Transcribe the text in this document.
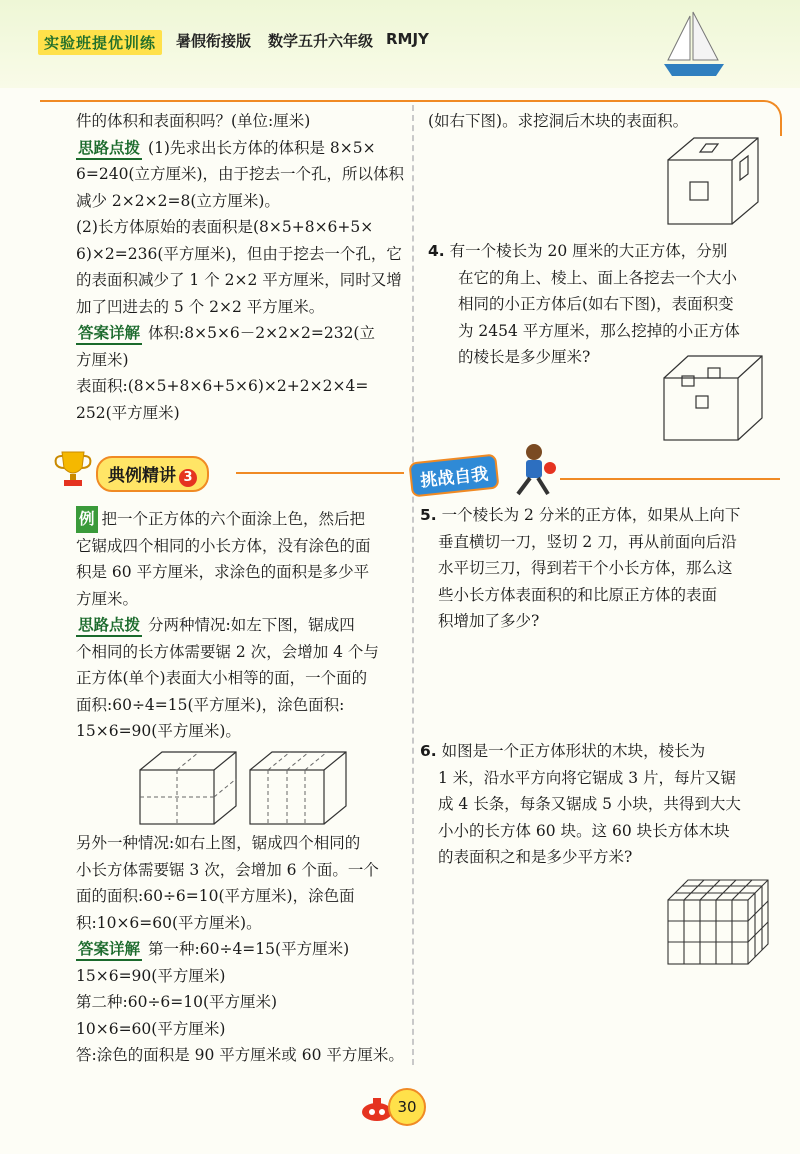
实验班提优训练	暑假衔接版 数学五升六年级 RMJY
件的体积和表面积吗？(单位:厘米)
思路点拨 (1)先求出长方体的体积是 8×5×
6=240(立方厘米)，由于挖去一个孔，所以体积
减少 2×2×2=8(立方厘米)。
(2)长方体原始的表面积是(8×5+8×6+5×
6)×2=236(平方厘米)，但由于挖去一个孔，它
的表面积减少了 1 个 2×2 平方厘米，同时又增
加了凹进去的 5 个 2×2 平方厘米。
答案详解 体积:8×5×6－2×2×2=232(立
方厘米)
表面积:(8×5+8×6+5×6)×2+2×2×4=
252(平方厘米)
典例精讲 3
例 把一个正方体的六个面涂上色，然后把
它锯成四个相同的小长方体，没有涂色的面
积是 60 平方厘米，求涂色的面积是多少平
方厘米。
思路点拨 分两种情况:如左下图，锯成四
个相同的长方体需要锯 2 次，会增加 4 个与
正方体(单个)表面大小相等的面，一个面的
面积:60÷4=15(平方厘米)，涂色面积:
15×6=90(平方厘米)。
另外一种情况:如右上图，锯成四个相同的
小长方体需要锯 3 次，会增加 6 个面。一个
面的面积:60÷6=10(平方厘米)，涂色面
积:10×6=60(平方厘米)。
答案详解 第一种:60÷4=15(平方厘米)
15×6=90(平方厘米)
第二种:60÷6=10(平方厘米)
10×6=60(平方厘米)
答:涂色的面积是 90 平方厘米或 60 平方厘米。
(如右下图)。求挖洞后木块的表面积。
4. 有一个棱长为 20 厘米的大正方体，分别
在它的角上、棱上、面上各挖去一个大小
相同的小正方体后(如右下图)，表面积变
为 2454 平方厘米，那么挖掉的小正方体
的棱长是多少厘米?
挑战自我
5. 一个棱长为 2 分米的正方体，如果从上向下
垂直横切一刀，竖切 2 刀，再从前面向后沿
水平切三刀，得到若干个小长方体，那么这
些小长方体表面积的和比原正方体的表面
积增加了多少?
6. 如图是一个正方体形状的木块，棱长为
1 米，沿水平方向将它锯成 3 片，每片又锯
成 4 长条，每条又锯成 5 小块，共得到大大
小小的长方体 60 块。这 60 块长方体木块
的表面积之和是多少平方米?
30
